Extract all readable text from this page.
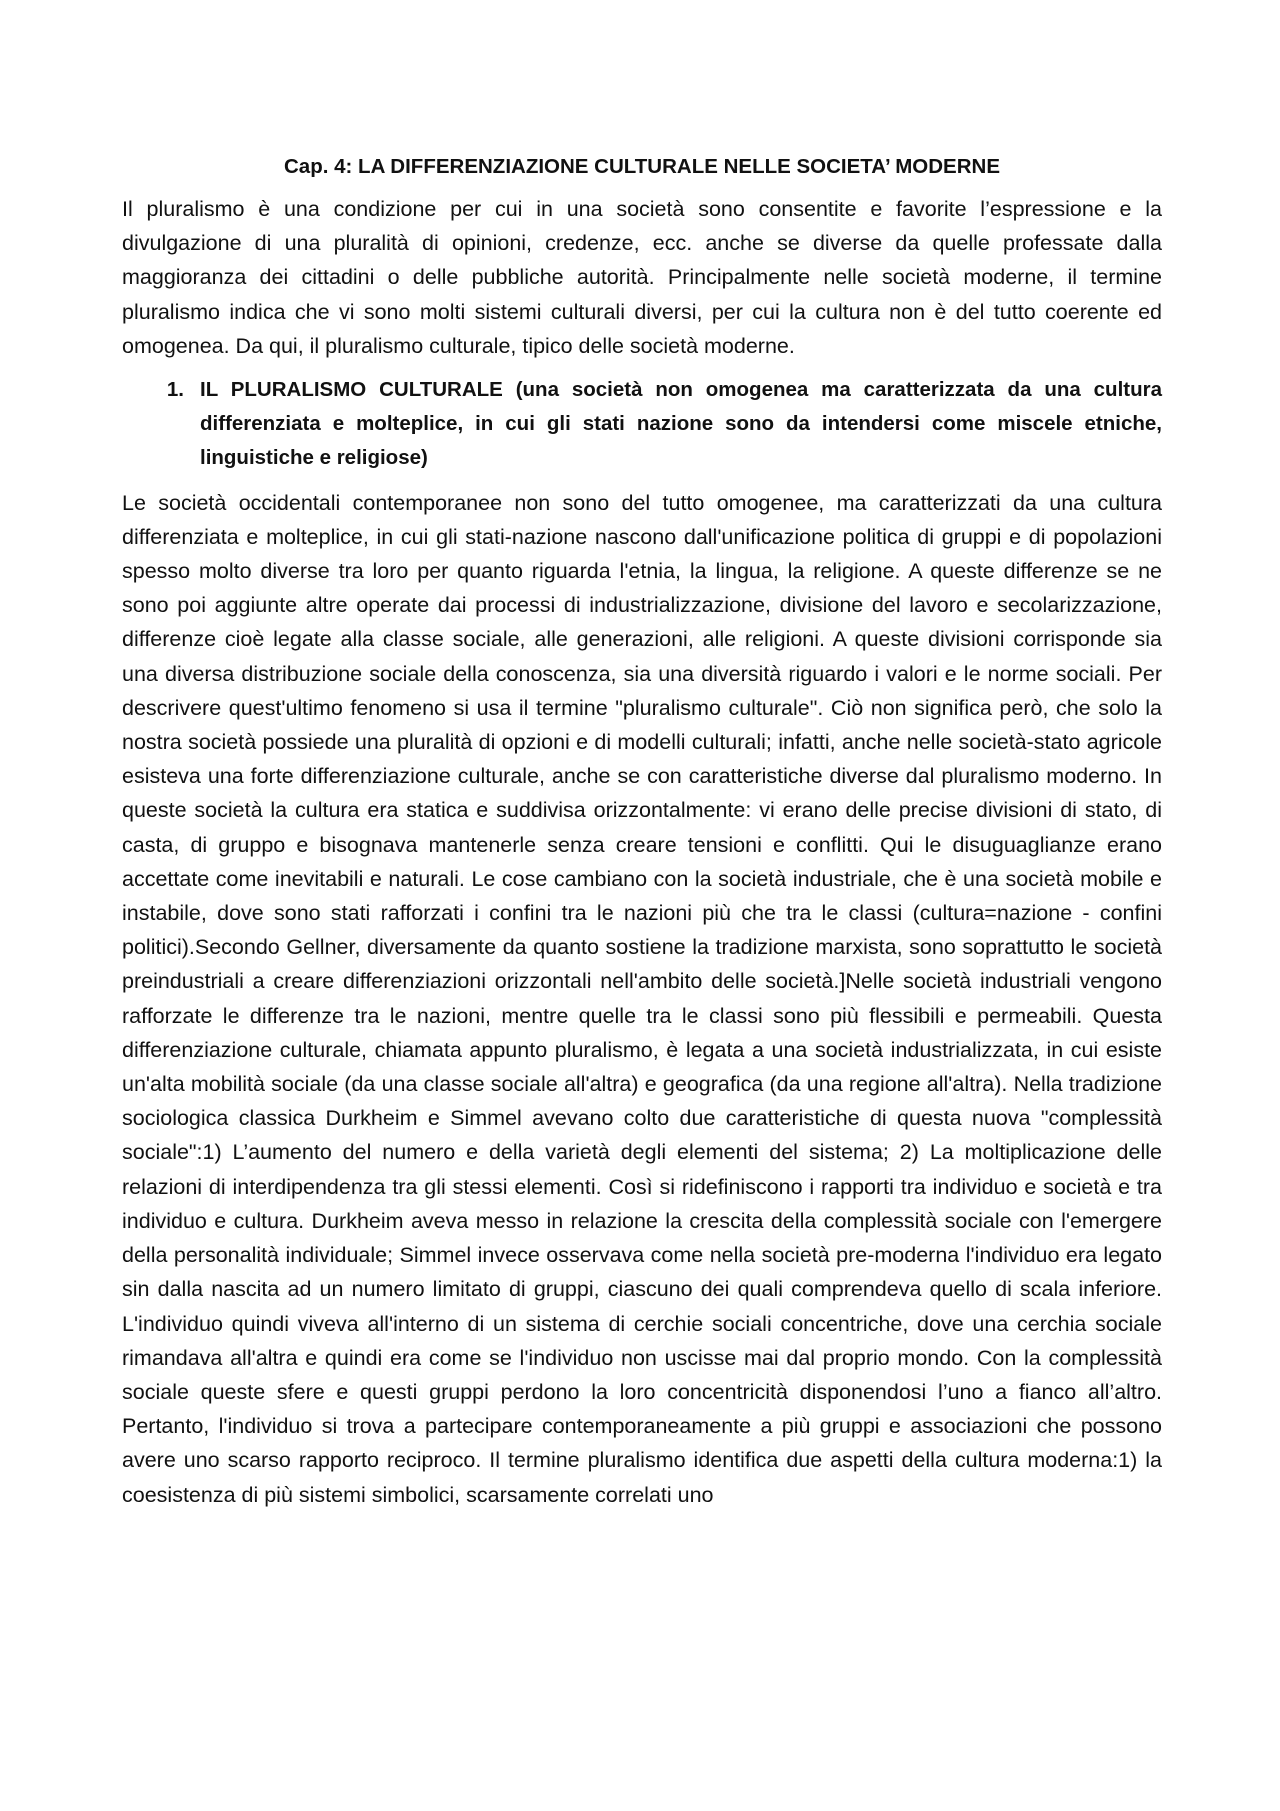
Cap. 4: LA DIFFERENZIAZIONE CULTURALE NELLE SOCIETA’ MODERNE

Il pluralismo è una condizione per cui in una società sono consentite e favorite l’espressione e la divulgazione di una pluralità di opinioni, credenze, ecc. anche se diverse da quelle professate dalla maggioranza dei cittadini o delle pubbliche autorità. Principalmente nelle società moderne, il termine pluralismo indica che vi sono molti sistemi culturali diversi, per cui la cultura non è del tutto coerente ed omogenea. Da qui, il pluralismo culturale, tipico delle società moderne.

1. IL PLURALISMO CULTURALE (una società non omogenea ma caratterizzata da una cultura differenziata e molteplice, in cui gli stati nazione sono da intendersi come miscele etniche, linguistiche e religiose)

Le società occidentali contemporanee non sono del tutto omogenee, ma caratterizzati da una cultura differenziata e molteplice, in cui gli stati-nazione nascono dall'unificazione politica di gruppi e di popolazioni spesso molto diverse tra loro per quanto riguarda l'etnia, la lingua, la religione. A queste differenze se ne sono poi aggiunte altre operate dai processi di industrializzazione, divisione del lavoro e secolarizzazione, differenze cioè legate alla classe sociale, alle generazioni, alle religioni. A queste divisioni corrisponde sia una diversa distribuzione sociale della conoscenza, sia una diversità riguardo i valori e le norme sociali. Per descrivere quest'ultimo fenomeno si usa il termine "pluralismo culturale". Ciò non significa però, che solo la nostra società possiede una pluralità di opzioni e di modelli culturali; infatti, anche nelle società-stato agricole esisteva una forte differenziazione culturale, anche se con caratteristiche diverse dal pluralismo moderno. In queste società la cultura era statica e suddivisa orizzontalmente: vi erano delle precise divisioni di stato, di casta, di gruppo e bisognava mantenerle senza creare tensioni e conflitti. Qui le disuguaglianze erano accettate come inevitabili e naturali. Le cose cambiano con la società industriale, che è una società mobile e instabile, dove sono stati rafforzati i confini tra le nazioni più che tra le classi (cultura=nazione - confini politici).Secondo Gellner, diversamente da quanto sostiene la tradizione marxista, sono soprattutto le società preindustriali a creare differenziazioni orizzontali nell'ambito delle società.]Nelle società industriali vengono rafforzate le differenze tra le nazioni, mentre quelle tra le classi sono più flessibili e permeabili. Questa differenziazione culturale, chiamata appunto pluralismo, è legata a una società industrializzata, in cui esiste un'alta mobilità sociale (da una classe sociale all'altra) e geografica (da una regione all'altra). Nella tradizione sociologica classica Durkheim e Simmel avevano colto due caratteristiche di questa nuova "complessità sociale":1) L’aumento del numero e della varietà degli elementi del sistema; 2) La moltiplicazione delle relazioni di interdipendenza tra gli stessi elementi. Così si ridefiniscono i rapporti tra individuo e società e tra individuo e cultura. Durkheim aveva messo in relazione la crescita della complessità sociale con l'emergere della personalità individuale; Simmel invece osservava come nella società pre-moderna l'individuo era legato sin dalla nascita ad un numero limitato di gruppi, ciascuno dei quali comprendeva quello di scala inferiore. L'individuo quindi viveva all'interno di un sistema di cerchie sociali concentriche, dove una cerchia sociale rimandava all'altra e quindi era come se l'individuo non uscisse mai dal proprio mondo. Con la complessità sociale queste sfere e questi gruppi perdono la loro concentricità disponendosi l’uno a fianco all’altro. Pertanto, l'individuo si trova a partecipare contemporaneamente a più gruppi e associazioni che possono avere uno scarso rapporto reciproco. Il termine pluralismo identifica due aspetti della cultura moderna:1) la coesistenza di più sistemi simbolici, scarsamente correlati uno
